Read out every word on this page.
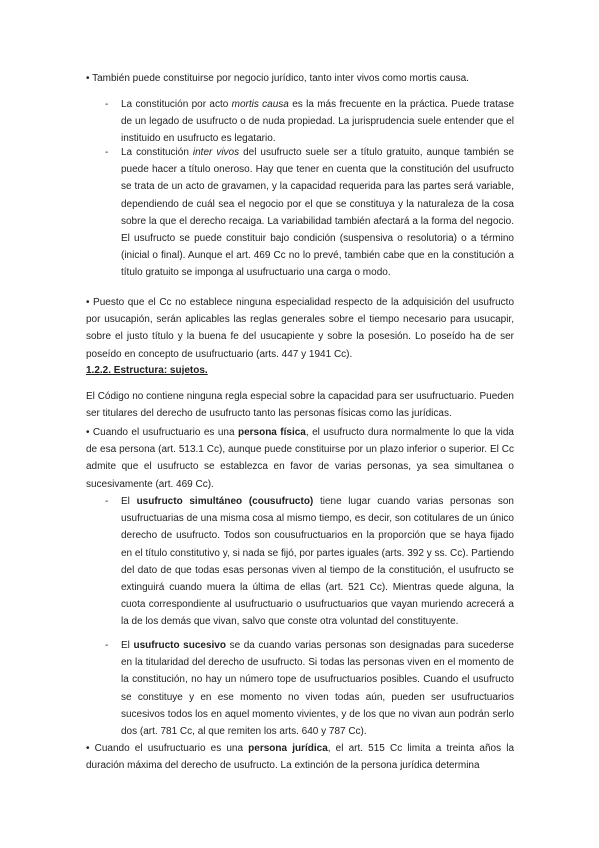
• También puede constituirse por negocio jurídico, tanto inter vivos como mortis causa.

- La constitución por acto mortis causa es la más frecuente en la práctica. Puede tratase de un legado de usufructo o de nuda propiedad. La jurisprudencia suele entender que el instituido en usufructo es legatario.

- La constitución inter vivos del usufructo suele ser a título gratuito, aunque también se puede hacer a título oneroso. Hay que tener en cuenta que la constitución del usufructo se trata de un acto de gravamen, y la capacidad requerida para las partes será variable, dependiendo de cuál sea el negocio por el que se constituya y la naturaleza de la cosa sobre la que el derecho recaiga. La variabilidad también afectará a la forma del negocio. El usufructo se puede constituir bajo condición (suspensiva o resolutoria) o a término (inicial o final). Aunque el art. 469 Cc no lo prevé, también cabe que en la constitución a título gratuito se imponga al usufructuario una carga o modo.

• Puesto que el Cc no establece ninguna especialidad respecto de la adquisición del usufructo por usucapión, serán aplicables las reglas generales sobre el tiempo necesario para usucapir, sobre el justo título y la buena fe del usucapiente y sobre la posesión. Lo poseído ha de ser poseído en concepto de usufructuario (arts. 447 y 1941 Cc).

1.2.2. Estructura: sujetos.

El Código no contiene ninguna regla especial sobre la capacidad para ser usufructuario. Pueden ser titulares del derecho de usufructo tanto las personas físicas como las jurídicas.

• Cuando el usufructuario es una persona física, el usufructo dura normalmente lo que la vida de esa persona (art. 513.1 Cc), aunque puede constituirse por un plazo inferior o superior. El Cc admite que el usufructo se establezca en favor de varias personas, ya sea simultanea o sucesivamente (art. 469 Cc).

- El usufructo simultáneo (cousufructo) tiene lugar cuando varias personas son usufructuarias de una misma cosa al mismo tiempo, es decir, son cotitulares de un único derecho de usufructo. Todos son cousufructuarios en la proporción que se haya fijado en el título constitutivo y, si nada se fijó, por partes iguales (arts. 392 y ss. Cc). Partiendo del dato de que todas esas personas viven al tiempo de la constitución, el usufructo se extinguirá cuando muera la última de ellas (art. 521 Cc). Mientras quede alguna, la cuota correspondiente al usufructuario o usufructuarios que vayan muriendo acrecerá a la de los demás que vivan, salvo que conste otra voluntad del constituyente.

- El usufructo sucesivo se da cuando varias personas son designadas para sucederse en la titularidad del derecho de usufructo. Si todas las personas viven en el momento de la constitución, no hay un número tope de usufructuarios posibles. Cuando el usufructo se constituye y en ese momento no viven todas aún, pueden ser usufructuarios sucesivos todos los en aquel momento vivientes, y de los que no vivan aun podrán serlo dos (art. 781 Cc, al que remiten los arts. 640 y 787 Cc).

• Cuando el usufructuario es una persona jurídica, el art. 515 Cc limita a treinta años la duración máxima del derecho de usufructo. La extinción de la persona jurídica determina
